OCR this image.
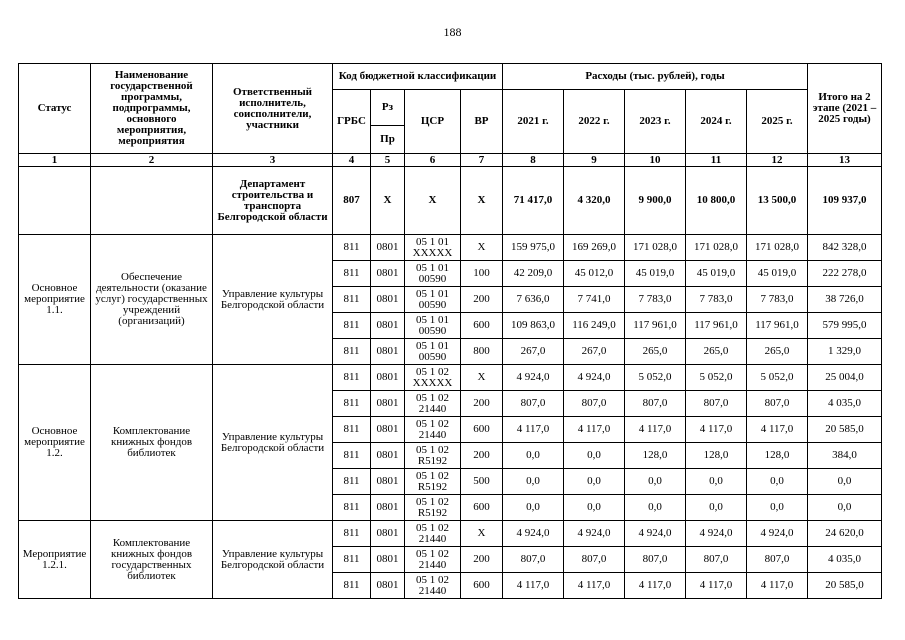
188
Статус	Наименование государственной программы, подпрограммы, основного мероприятия, мероприятия	Ответственный исполнитель, соисполнители, участники	Код бюджетной классификации				Расходы (тыс. рублей), годы					Итого на 2 этапе (2021 – 2025 годы)
			ГРБС	Рз	ЦСР	ВР	2021 г.	2022 г.	2023 г.	2024 г.	2025 г.	
				Пр								
1	2	3	4	5	6	7	8	9	10	11	12	13
		Департамент строительства и транспорта Белгородской области	807	Х	Х	Х	71 417,0	4 320,0	9 900,0	10 800,0	13 500,0	109 937,0
Основное мероприятие 1.1.	Обеспечение деятельности (оказание услуг) государственных учреждений (организаций)	Управление культуры Белгородской области	811	0801	05 1 01 ХХХХХ	Х	159 975,0	169 269,0	171 028,0	171 028,0	171 028,0	842 328,0
			811	0801	05 1 01 00590	100	42 209,0	45 012,0	45 019,0	45 019,0	45 019,0	222 278,0
			811	0801	05 1 01 00590	200	7 636,0	7 741,0	7 783,0	7 783,0	7 783,0	38 726,0
			811	0801	05 1 01 00590	600	109 863,0	116 249,0	117 961,0	117 961,0	117 961,0	579 995,0
			811	0801	05 1 01 00590	800	267,0	267,0	265,0	265,0	265,0	1 329,0
Основное мероприятие 1.2.	Комплектование книжных фондов библиотек	Управление культуры Белгородской области	811	0801	05 1 02 ХХХХХ	Х	4 924,0	4 924,0	5 052,0	5 052,0	5 052,0	25 004,0
			811	0801	05 1 02 21440	200	807,0	807,0	807,0	807,0	807,0	4 035,0
			811	0801	05 1 02 21440	600	4 117,0	4 117,0	4 117,0	4 117,0	4 117,0	20 585,0
			811	0801	05 1 02 R5192	200	0,0	0,0	128,0	128,0	128,0	384,0
			811	0801	05 1 02 R5192	500	0,0	0,0	0,0	0,0	0,0	0,0
			811	0801	05 1 02 R5192	600	0,0	0,0	0,0	0,0	0,0	0,0
Мероприятие 1.2.1.	Комплектование книжных фондов государственных библиотек	Управление культуры Белгородской области	811	0801	05 1 02 21440	Х	4 924,0	4 924,0	4 924,0	4 924,0	4 924,0	24 620,0
			811	0801	05 1 02 21440	200	807,0	807,0	807,0	807,0	807,0	4 035,0
			811	0801	05 1 02 21440	600	4 117,0	4 117,0	4 117,0	4 117,0	4 117,0	20 585,0
